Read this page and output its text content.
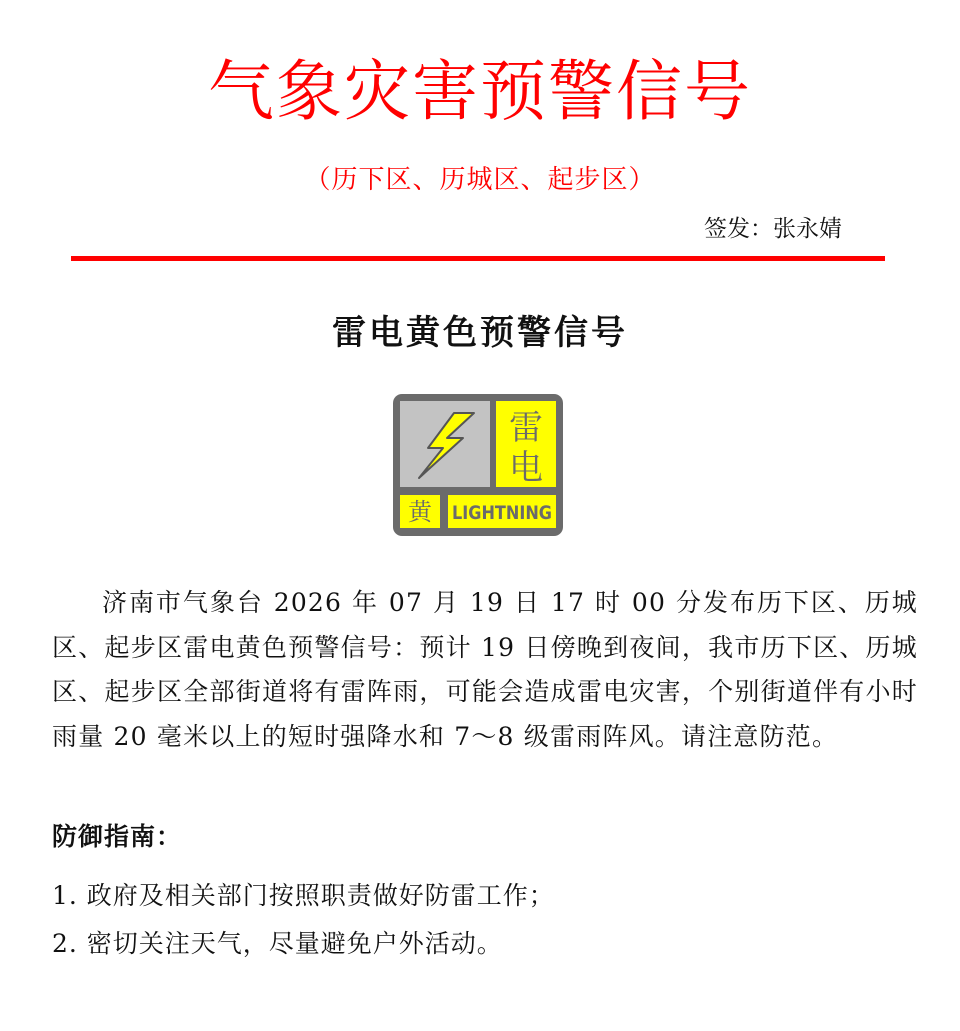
气象灾害预警信号
（历下区、历城区、起步区）
签发：张永婧
雷电黄色预警信号
雷
电
黄 LIGHTNING

济南市气象台 2026 年 07 月 19 日 17 时 00 分发布历下区、历城区、起步区雷电黄色预警信号：预计 19 日傍晚到夜间，我市历下区、历城区、起步区全部街道将有雷阵雨，可能会造成雷电灾害，个别街道伴有小时雨量 20 毫米以上的短时强降水和 7～8 级雷雨阵风。请注意防范。

防御指南：
1. 政府及相关部门按照职责做好防雷工作；
2. 密切关注天气，尽量避免户外活动。
